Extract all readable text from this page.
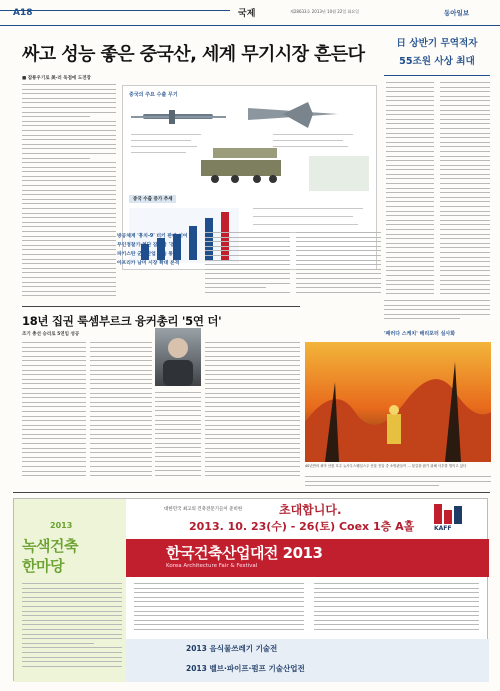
A18	국제	제28633호 2013년 10월 22일 화요일	동아일보
싸고 성능 좋은 중국산, 세계 무기시장 흔든다
■ 잠룡우기로 美·러 독점에 도전장
중국의 주요 수출 무기
중국 수출 증가 추세
방공체계 '훙치-9' 터키 판매 이어
무인정찰기·첨단 잠수함 '결단'
파키스탄 군수산업 진출 통해
아프리카 남미 시장 확대 본격
日 상반기 무역적자
55조원 사상 최대
18년 집권 룩셈부르크 융커총리 '5연 더'
조기 총선 승리로 5연임 성공
40년만의 최악 산불 호주 뉴사우스웨일스주 산불 진압 중 소방관들이 ... 불길을 잡기 위해 사투를 벌이고 있다
'패러다 스케치' 해리포터 실사화
2013
녹색건축
한마당
대한민국 최고의 건축전문기들이 준비한	초대합니다.
2013. 10. 23(수) - 26(토) Coex 1층 A홀	KAFF
한국건축산업대전 2013
Korea Architecture Fair & Festival
2013 음식물쓰레기 기술전
2013 벨브·파이프·펌프 기술산업전
